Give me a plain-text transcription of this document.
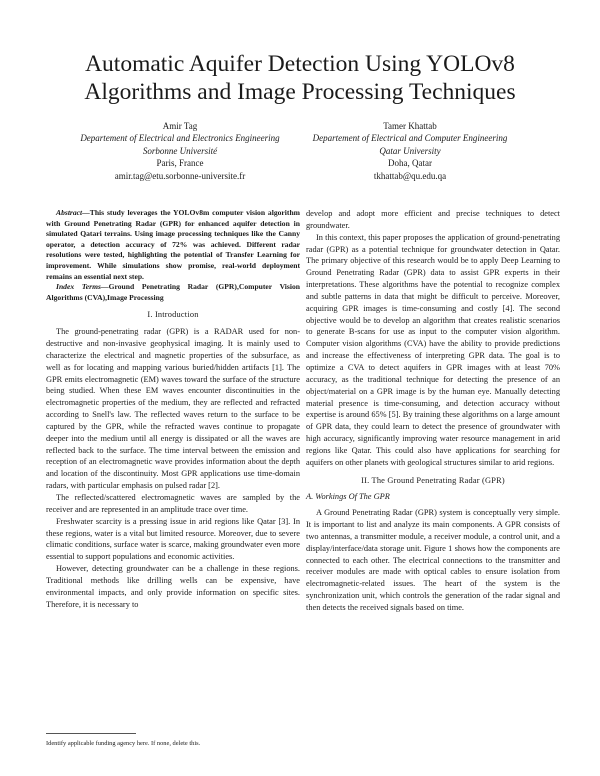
Automatic Aquifer Detection Using YOLOv8 Algorithms and Image Processing Techniques
Amir Tag
Departement of Electrical and Electronics Engineering
Sorbonne Université
Paris, France
amir.tag@etu.sorbonne-universite.fr
Tamer Khattab
Departement of Electrical and Computer Engineering
Qatar University
Doha, Qatar
tkhattab@qu.edu.qa

Abstract—This study leverages the YOLOv8m computer vision algorithm with Ground Penetrating Radar (GPR) for enhanced aquifer detection in simulated Qatari terrains. Using image processing techniques like the Canny operator, a detection accuracy of 72% was achieved. Different radar resolutions were tested, highlighting the potential of Transfer Learning for improvement. While simulations show promise, real-world deployment remains an essential next step.

Index Terms—Ground Penetrating Radar (GPR),Computer Vision Algorithms (CVA),Image Processing

I. Introduction

The ground-penetrating radar (GPR) is a RADAR used for non-destructive and non-invasive geophysical imaging. It is mainly used to characterize the electrical and magnetic properties of the subsurface, as well as for locating and mapping various buried/hidden artifacts [1]. The GPR emits electromagnetic (EM) waves toward the surface of the structure being studied. When these EM waves encounter discontinuities in the electromagnetic properties of the medium, they are reflected and refracted according to Snell's law. The reflected waves return to the surface to be captured by the GPR, while the refracted waves continue to propagate deeper into the medium until all energy is dissipated or all the waves are reflected back to the surface. The time interval between the emission and reception of an electromagnetic wave provides information about the depth and location of the discontinuity. Most GPR applications use time-domain radars, with particular emphasis on pulsed radar [2].

The reflected/scattered electromagnetic waves are sampled by the receiver and are represented in an amplitude trace over time.

Freshwater scarcity is a pressing issue in arid regions like Qatar [3]. In these regions, water is a vital but limited resource. Moreover, due to severe climatic conditions, surface water is scarce, making groundwater even more essential to support populations and economic activities.

However, detecting groundwater can be a challenge in these regions. Traditional methods like drilling wells can be expensive, have environmental impacts, and only provide information on specific sites. Therefore, it is necessary to

develop and adopt more efficient and precise techniques to detect groundwater.

In this context, this paper proposes the application of ground-penetrating radar (GPR) as a potential technique for groundwater detection in Qatar. The primary objective of this research would be to apply Deep Learning to Ground Penetrating Radar (GPR) data to assist GPR experts in their interpretations. These algorithms have the potential to recognize complex and subtle patterns in data that might be difficult to perceive. Moreover, acquiring GPR images is time-consuming and costly [4]. The second objective would be to develop an algorithm that creates realistic scenarios to generate B-scans for use as input to the computer vision algorithm. Computer vision algorithms (CVA) have the ability to provide predictions and increase the effectiveness of interpreting GPR data. The goal is to optimize a CVA to detect aquifers in GPR images with at least 70% accuracy, as the traditional technique for detecting the presence of an object/material on a GPR image is by the human eye. Manually detecting material presence is time-consuming, and detection accuracy without expertise is around 65% [5]. By training these algorithms on a large amount of GPR data, they could learn to detect the presence of groundwater with high accuracy, significantly improving water resource management in arid regions like Qatar. This could also have applications for searching for aquifers on other planets with geological structures similar to arid regions.

II. The Ground Penetrating Radar (GPR)
A. Workings Of The GPR

A Ground Penetrating Radar (GPR) system is conceptually very simple. It is important to list and analyze its main components. A GPR consists of two antennas, a transmitter module, a receiver module, a control unit, and a display/interface/data storage unit. Figure 1 shows how the components are connected to each other. The electrical connections to the transmitter and receiver modules are made with optical cables to ensure isolation from electromagnetic-related issues. The heart of the system is the synchronization unit, which controls the generation of the radar signal and then detects the received signals based on time.

Identify applicable funding agency here. If none, delete this.
